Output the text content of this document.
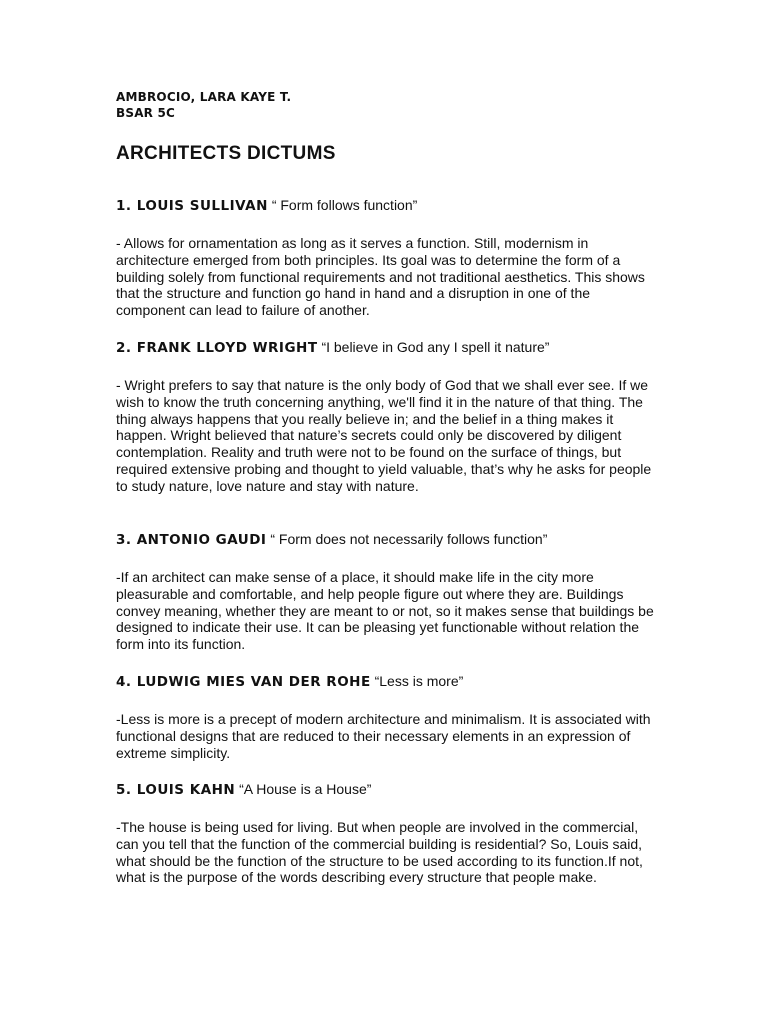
AMBROCIO, LARA KAYE T.
BSAR 5C
ARCHITECTS DICTUMS
1. LOUIS SULLIVAN “ Form follows function”
- Allows for ornamentation as long as it serves a function. Still, modernism in architecture emerged from both principles. Its goal was to determine the form of a building solely from functional requirements and not traditional aesthetics. This shows that the structure and function go hand in hand and a disruption in one of the component can lead to failure of another.
2. FRANK LLOYD WRIGHT “I believe in God any I spell it nature”
- Wright prefers to say that nature is the only body of God that we shall ever see. If we wish to know the truth concerning anything, we'll find it in the nature of that thing. The thing always happens that you really believe in; and the belief in a thing makes it happen. Wright believed that nature’s secrets could only be discovered by diligent contemplation. Reality and truth were not to be found on the surface of things, but required extensive probing and thought to yield valuable, that’s why he asks for people to study nature, love nature and stay with nature.
3. ANTONIO GAUDI “ Form does not necessarily follows function”
-If an architect can make sense of a place, it should make life in the city more pleasurable and comfortable, and help people figure out where they are. Buildings convey meaning, whether they are meant to or not, so it makes sense that buildings be designed to indicate their use. It can be pleasing yet functionable without relation the form into its function.
4. LUDWIG MIES VAN DER ROHE “Less is more”
-Less is more is a precept of modern architecture and minimalism. It is associated with functional designs that are reduced to their necessary elements in an expression of extreme simplicity.
5. LOUIS KAHN “A House is a House”
-The house is being used for living. But when people are involved in the commercial, can you tell that the function of the commercial building is residential? So, Louis said, what should be the function of the structure to be used according to its function.If not, what is the purpose of the words describing every structure that people make.
